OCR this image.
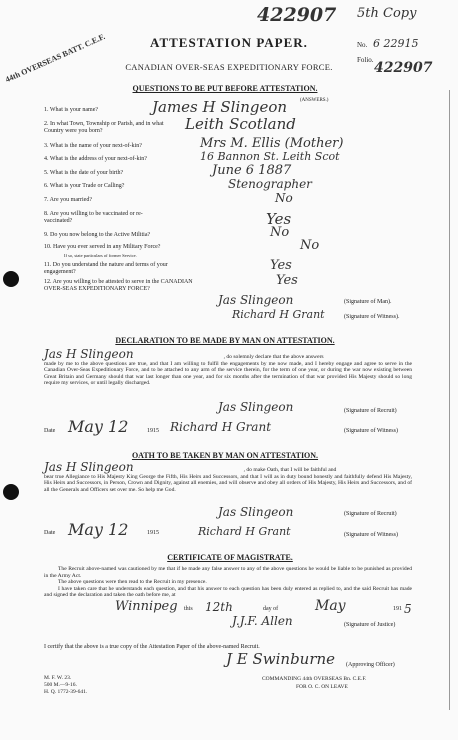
422907 5th Copy
44th OVERSEAS BATT. C.E.F.	ATTESTATION PAPER.
CANADIAN OVER-SEAS EXPEDITIONARY FORCE.
No. 6 22915
Folio. 422907
QUESTIONS TO BE PUT BEFORE ATTESTATION.
(ANSWERS.)
1. What is your name?	James H Slingeon
2. In what Town, Township or Parish, and in what Country were you born?	Leith Scotland
3. What is the name of your next-of-kin?	Mrs M. Ellis (Mother)
4. What is the address of your next-of-kin?	16 Bannon St. Leith Scot
5. What is the date of your birth?	June 6 1887
6. What is your Trade or Calling?	Stenographer
7. Are you married?	No
8. Are you willing to be vaccinated or re-vaccinated?	Yes
9. Do you now belong to the Active Militia?	No
10. Have you ever served in any Military Force?	No
If so, state particulars of former Service.
11. Do you understand the nature and terms of your engagement?	Yes
12. Are you willing to be attested to serve in the CANADIAN OVER-SEAS EXPEDITIONARY FORCE?
Yes
Jas Slingeon	(Signature of Man).
Richard H Grant	(Signature of Witness).
DECLARATION TO BE MADE BY MAN ON ATTESTATION.
Jas H Slingeon	, do solemnly declare that the above answers
made by me to the above questions are true, and that I am willing to fulfil the engagements by me now made, and I hereby engage and agree to serve in the Canadian Over-Seas Expeditionary Force, and to be attached to any arm of the service therein, for the term of one year, or during the war now existing between Great Britain and Germany should that war last longer than one year, and for six months after the termination of that war provided His Majesty should so long require my services, or until legally discharged.
Jas Slingeon	(Signature of Recruit)
Date May 12	1915 Richard H Grant	(Signature of Witness)
OATH TO BE TAKEN BY MAN ON ATTESTATION.
Jas H Slingeon	, do make Oath, that I will be faithful and
bear true Allegiance to His Majesty King George the Fifth, His Heirs and Successors, and that I will as in duty bound honestly and faithfully defend His Majesty, His Heirs and Successors, in Person, Crown and Dignity, against all enemies, and will observe and obey all orders of His Majesty, His Heirs and Successors, and of all the Generals and Officers set over me. So help me God.
Jas Slingeon	(Signature of Recruit)
Date May 12	1915	Richard H Grant	(Signature of Witness)
CERTIFICATE OF MAGISTRATE.
The Recruit above-named was cautioned by me that if he made any false answer to any of the above questions he would be liable to be punished as provided in the Army Act.
The above questions were then read to the Recruit in my presence.
I have taken care that he understands each question, and that his answer to each question has been duly entered as replied to, and the said Recruit has made and signed the declaration and taken the oath before me, at
Winnipeg this 12th	day of	May	191 5
J.J.F. Allen	(Signature of Justice)
I certify that the above is a true copy of the Attestation Paper of the above-named Recruit.
J E Swinburne (Approving Officer)
COMMANDING 44th OVERSEAS Bn. C.E.F.
FOR O. C. ON LEAVE
M. F. W. 23.
500 M.—9-16.
H. Q. 1772-39-641.
